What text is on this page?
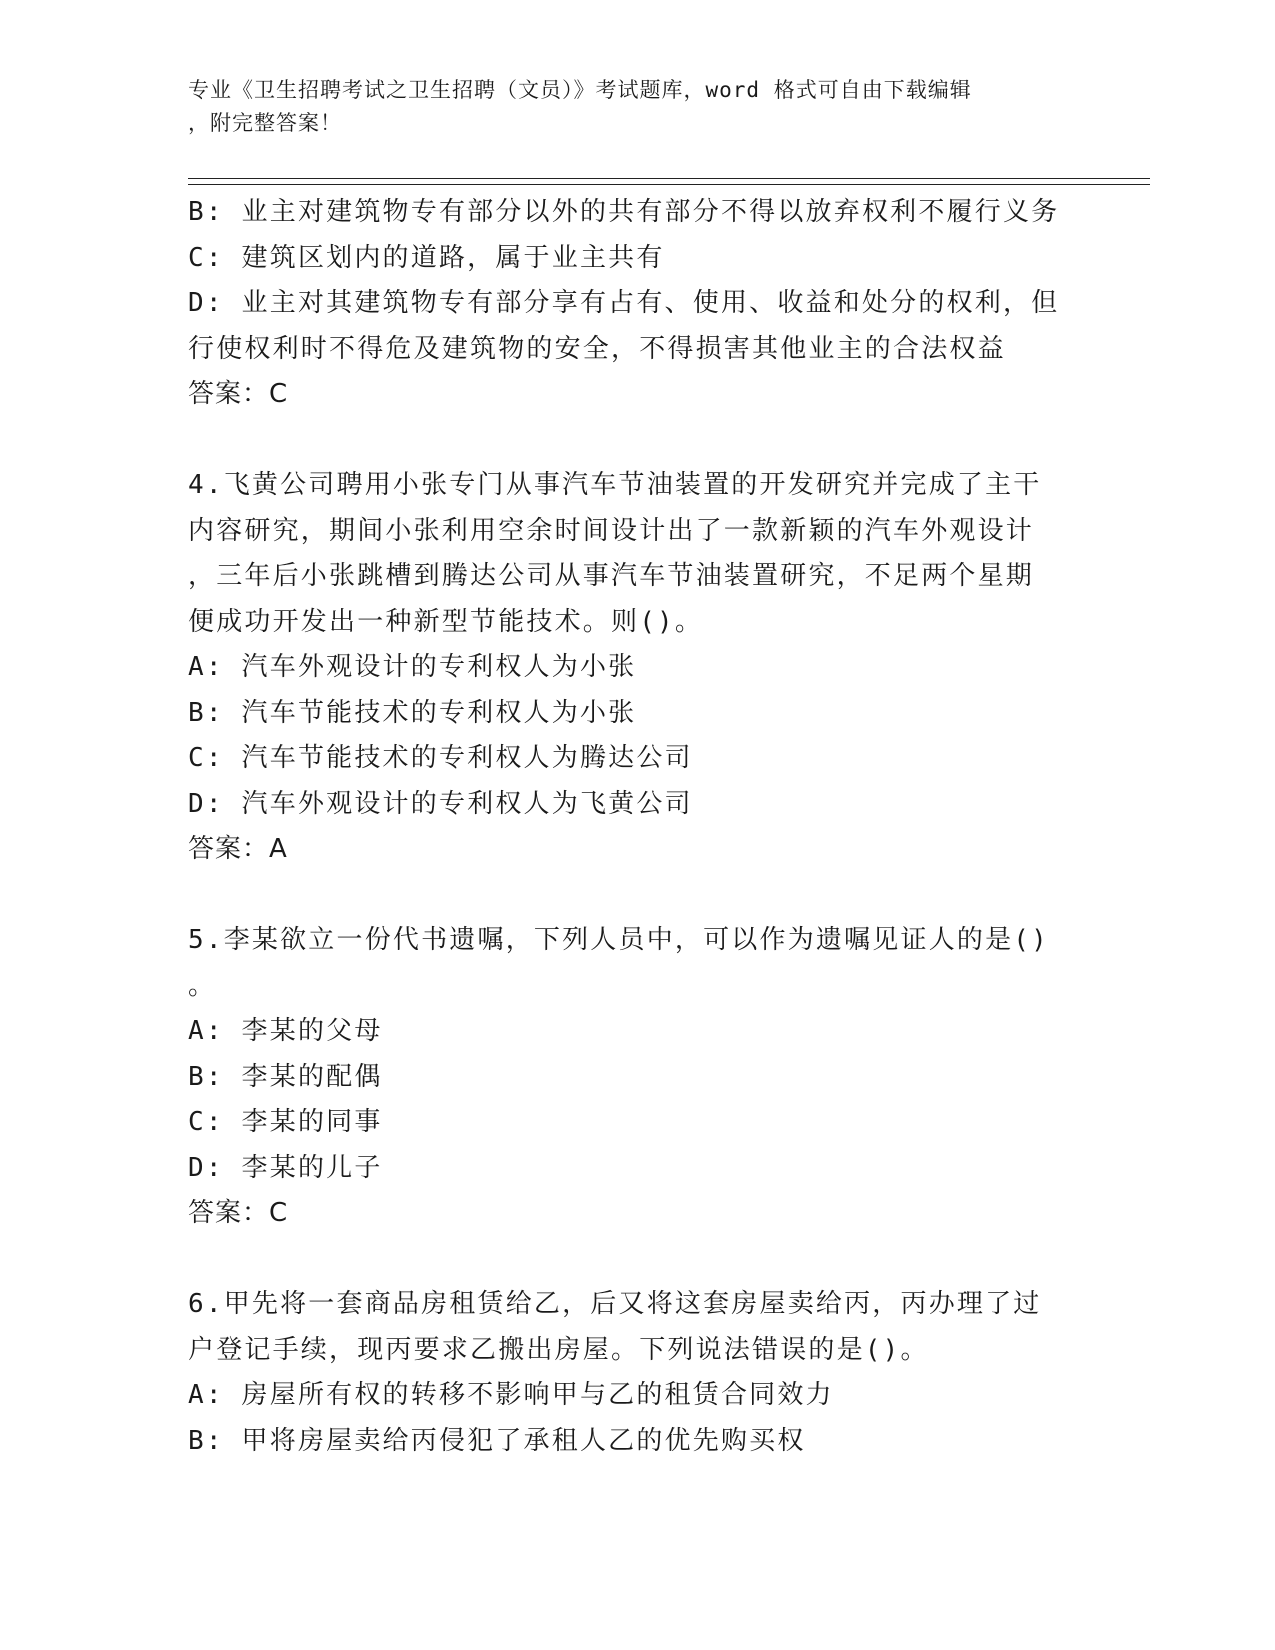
专业《卫生招聘考试之卫生招聘（文员）》考试题库，word 格式可自由下载编辑
，附完整答案！
B: 业主对建筑物专有部分以外的共有部分不得以放弃权利不履行义务
C: 建筑区划内的道路，属于业主共有
D: 业主对其建筑物专有部分享有占有、使用、收益和处分的权利，但
行使权利时不得危及建筑物的安全，不得损害其他业主的合法权益
答案：C
4.飞黄公司聘用小张专门从事汽车节油装置的开发研究并完成了主干
内容研究，期间小张利用空余时间设计出了一款新颖的汽车外观设计
，三年后小张跳槽到腾达公司从事汽车节油装置研究，不足两个星期
便成功开发出一种新型节能技术。则()。
A: 汽车外观设计的专利权人为小张
B: 汽车节能技术的专利权人为小张
C: 汽车节能技术的专利权人为腾达公司
D: 汽车外观设计的专利权人为飞黄公司
答案：A
5.李某欲立一份代书遗嘱，下列人员中，可以作为遗嘱见证人的是()
。
A: 李某的父母
B: 李某的配偶
C: 李某的同事
D: 李某的儿子
答案：C
6.甲先将一套商品房租赁给乙，后又将这套房屋卖给丙，丙办理了过
户登记手续，现丙要求乙搬出房屋。下列说法错误的是()。
A: 房屋所有权的转移不影响甲与乙的租赁合同效力
B: 甲将房屋卖给丙侵犯了承租人乙的优先购买权
